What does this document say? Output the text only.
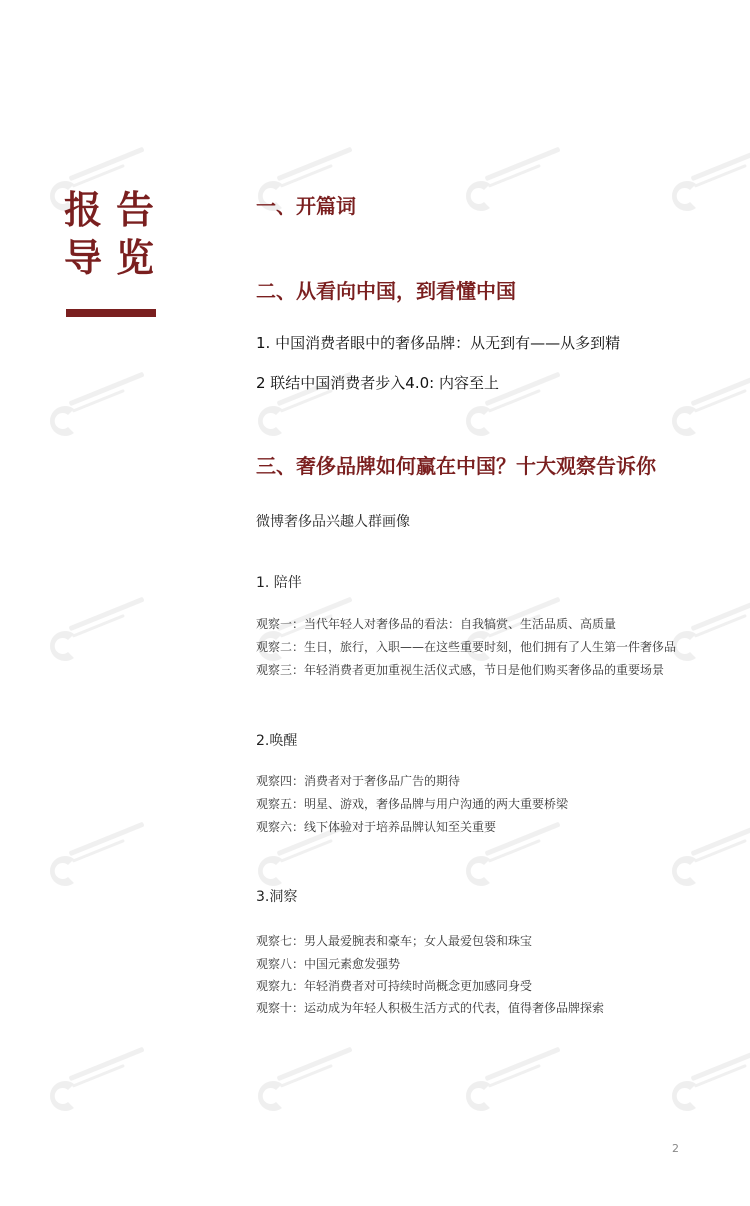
报告
导览
一、开篇词
二、从看向中国，到看懂中国
1. 中国消费者眼中的奢侈品牌：从无到有——从多到精
2 联结中国消费者步入4.0: 内容至上
三、奢侈品牌如何赢在中国？十大观察告诉你
微博奢侈品兴趣人群画像
1. 陪伴
观察一：当代年轻人对奢侈品的看法：自我犒赏、生活品质、高质量
观察二：生日，旅行，入职——在这些重要时刻，他们拥有了人生第一件奢侈品
观察三：年轻消费者更加重视生活仪式感，节日是他们购买奢侈品的重要场景
2.唤醒
观察四：消费者对于奢侈品广告的期待
观察五：明星、游戏，奢侈品牌与用户沟通的两大重要桥梁
观察六：线下体验对于培养品牌认知至关重要
3.洞察
观察七：男人最爱腕表和豪车；女人最爱包袋和珠宝
观察八：中国元素愈发强势
观察九：年轻消费者对可持续时尚概念更加感同身受
观察十：运动成为年轻人积极生活方式的代表，值得奢侈品牌探索
2
